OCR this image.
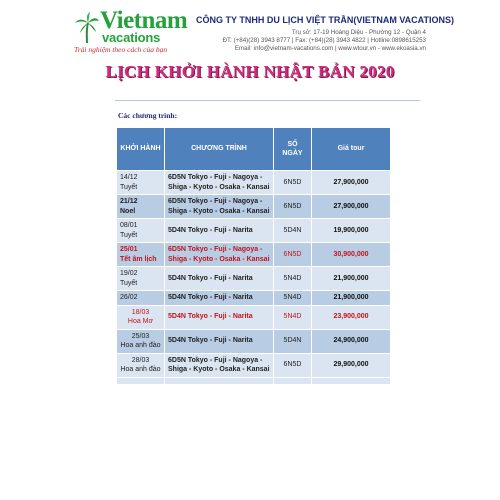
Vietnam
vacations
Trải nghiệm theo cách của bạn
CÔNG TY TNHH DU LỊCH VIỆT TRẦN(VIETNAM VACATIONS)
Trụ sở: 17-19 Hoàng Diệu - Phường 12 - Quận 4
ĐT: (+84)(28) 3943 8777 | Fax: (+84)(28) 3943 4822 | Hotline:0898615253
Email: info@vietnam-vacations.com | www.wtour.vn - www.ekoasia.vn
LỊCH KHỞI HÀNH NHẬT BẢN 2020
Các chương trình:
KHỞI HÀNH	CHƯƠNG TRÌNH	SỐ NGÀY	Giá tour
14/12
Tuyết	6D5N Tokyo - Fuji - Nagoya - Shiga - Kyoto - Osaka - Kansai	6N5D	27,900,000
21/12
Noel	6D5N Tokyo - Fuji - Nagoya - Shiga - Kyoto - Osaka - Kansai	6N5D	27,900,000
08/01
Tuyết	5D4N Tokyo - Fuji - Narita	5D4N	19,900,000
25/01
Tết âm lịch	6D5N Tokyo - Fuji - Nagoya - Shiga - Kyoto - Osaka - Kansai	6N5D	30,900,000
19/02
Tuyết	5D4N Tokyo - Fuji - Narita	5N4D	21,900,000
26/02	5D4N Tokyo - Fuji - Narita	5N4D	21,900,000
18/03
Hoa Mơ	5D4N Tokyo - Fuji - Narita	5N4D	23,900,000
25/03
Hoa anh đào	5D4N Tokyo - Fuji - Narita	5D4N	24,900,000
28/03
Hoa anh đào	6D5N Tokyo - Fuji - Nagoya - Shiga - Kyoto - Osaka - Kansai	6N5D	29,900,000
